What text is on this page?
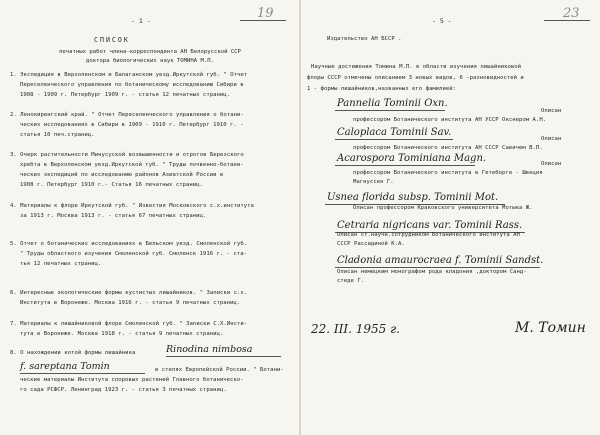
- 1 -	19
СПИСОК
печатных работ члена-корреспондента АН Белорусской ССР
доктора биологических наук ТОМИНА М.П.
1. Экспедиция в Верхоленском и Балаганском уезд.Иркутской губ. " Отчет
Переселенческого управления по ботаническому исследованию Сибири в
1908 - 1909 г. Петербург 1909 г. - статья 12 печатных страниц.
2. Ленокиренгский край. " Отчет Переселенческого управления о ботани-
ческих исследованиях в Сибири в 1909 - 1910 г. Петербург 1910 г. -
статья 10 печ.страниц.
3. Очерк растительности Минусуской возвышенности и отрогов Березского
хребта в Верхоленском уезд.Иркутской губ. " Труды почвенно-ботани-
ческих экспедиций по исследованию районов Азиатской России в
1908 г. Петербург 1910 г.- Статья 16 печатных страниц.
4. Материалы к флоре Иркутской губ. " Известия Московского с.х.института
за 1913 г. Москва 1913 г. - статья 67 печатных страниц.
5. Отчет о ботанических исследованиях в Бельском уезд. Смоленской губ.
" Труды областного изучения Смоленской губ. Смоленск 1916 г. - ста-
тья 12 печатных страниц.
6. Интересные экологические формы кустистых лишайников. " Записки с.х.
Института в Воронеже. Москва 1916 г. - статья 9 печатных страниц.
7. Материалы к лишайниковой флоре Смоленской губ. " Записки С.Х.Инсти-
тута в Воронеже. Москва 1918 г. - статья 9 печатных страниц.
8. О нахождении котой формы лишайника
в степях Европейской России. " Ботани-
ческие материалы Института споровых растений Главного ботаническо-
го сада РСФСР. Ленинград 1923 г. - статья 3 печатных страниц.
Rinodina nimbosa
f. sareptana Tomin
- 5 -	23
Издательство АН БССР .
Научные достижения Томина М.П. в области изучения лишайниковой
флоры СССР отмечены описанием 3 новых видов, 6 -разновидностей и
1 - формы лишайников,названных его фамилией:
Pannelia Tominii Oxn.
Описан
профессором Ботанического института АН УССР Окснером А.Н.
Caloplaca Tominii Sav.
Описан
профессором Ботанического института АН СССР Савичем В.П.
Acarospora Tominiana Magn.	Описан
профессором Ботанического института в Гетеборге - Швеция
Магнуссен Г.
Usnea florida subsp. Tominii Mot.
Описан профессором Краковского университета Мотыка Ж.
Cetraria nigricans var. Tominii Rass.
Описан ст.научн.сотрудником Ботанического института АН
СССР Рассадиной К.А.
Cladonia amaurocraea f. Tominii Sandst.
Описан немецким монографом рода кладония ,доктором Санд-
стеде Г.
22. III. 1955 г.	М. Томин
